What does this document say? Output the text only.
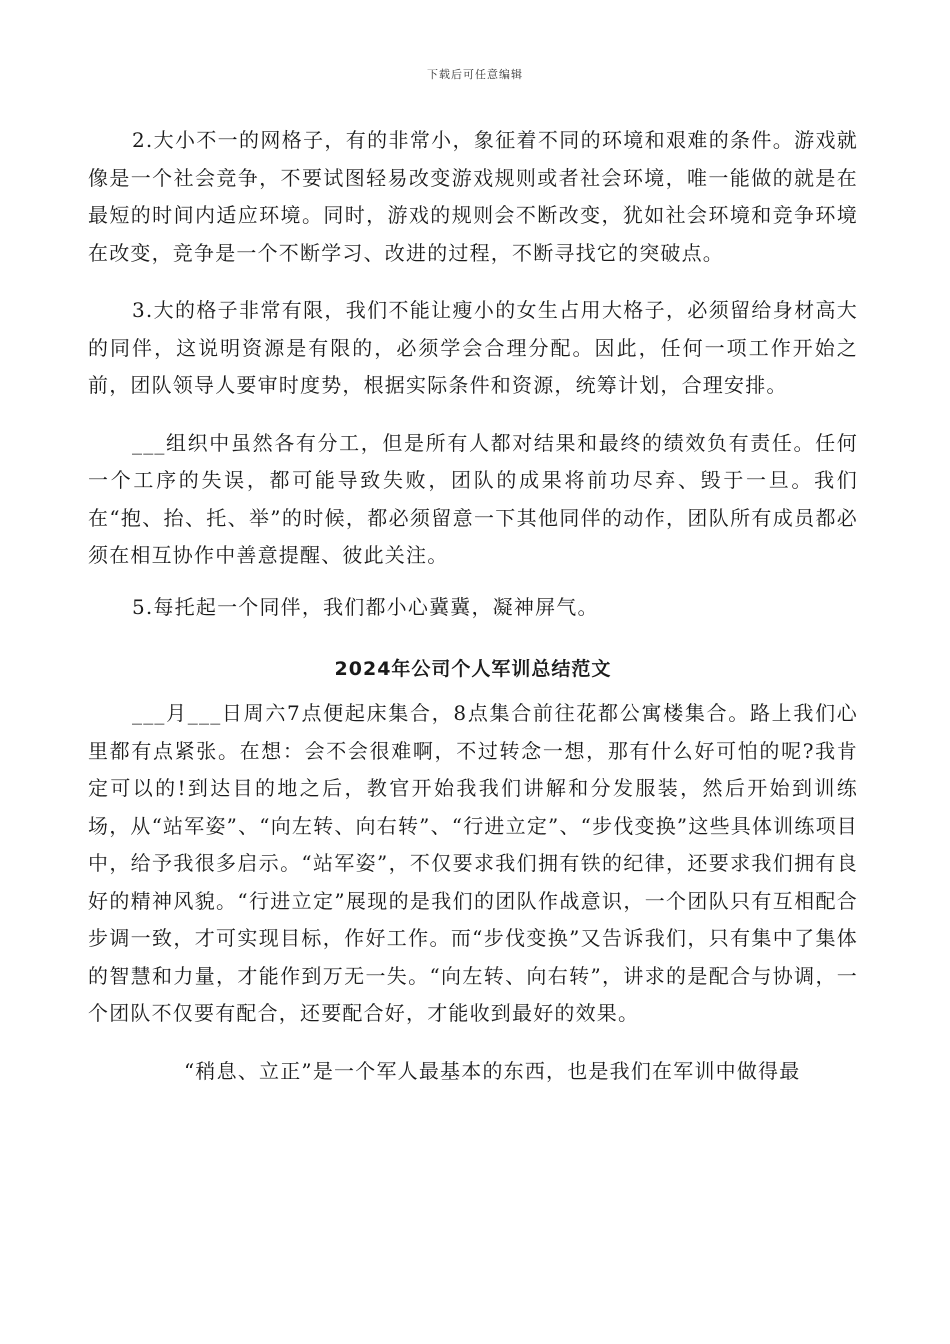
下载后可任意编辑

2.大小不一的网格子，有的非常小，象征着不同的环境和艰难的条件。游戏就像是一个社会竞争，不要试图轻易改变游戏规则或者社会环境，唯一能做的就是在最短的时间内适应环境。同时，游戏的规则会不断改变，犹如社会环境和竞争环境在改变，竞争是一个不断学习、改进的过程，不断寻找它的突破点。

3.大的格子非常有限，我们不能让瘦小的女生占用大格子，必须留给身材高大的同伴，这说明资源是有限的，必须学会合理分配。因此，任何一项工作开始之前，团队领导人要审时度势，根据实际条件和资源，统筹计划，合理安排。

___组织中虽然各有分工，但是所有人都对结果和最终的绩效负有责任。任何一个工序的失误，都可能导致失败，团队的成果将前功尽弃、毁于一旦。我们在“抱、抬、托、举”的时候，都必须留意一下其他同伴的动作，团队所有成员都必须在相互协作中善意提醒、彼此关注。

5.每托起一个同伴，我们都小心冀冀，凝神屏气。

2024年公司个人军训总结范文

___月___日周六7点便起床集合，8点集合前往花都公寓楼集合。路上我们心里都有点紧张。在想：会不会很难啊，不过转念一想，那有什么好可怕的呢?我肯定可以的!到达目的地之后，教官开始我我们讲解和分发服装，然后开始到训练场，从“站军姿”、“向左转、向右转”、“行进立定”、“步伐变换”这些具体训练项目中，给予我很多启示。“站军姿”，不仅要求我们拥有铁的纪律，还要求我们拥有良好的精神风貌。“行进立定”展现的是我们的团队作战意识，一个团队只有互相配合步调一致，才可实现目标，作好工作。而“步伐变换”又告诉我们，只有集中了集体的智慧和力量，才能作到万无一失。“向左转、向右转”，讲求的是配合与协调，一个团队不仅要有配合，还要配合好，才能收到最好的效果。

“稍息、立正”是一个军人最基本的东西，也是我们在军训中做得最
